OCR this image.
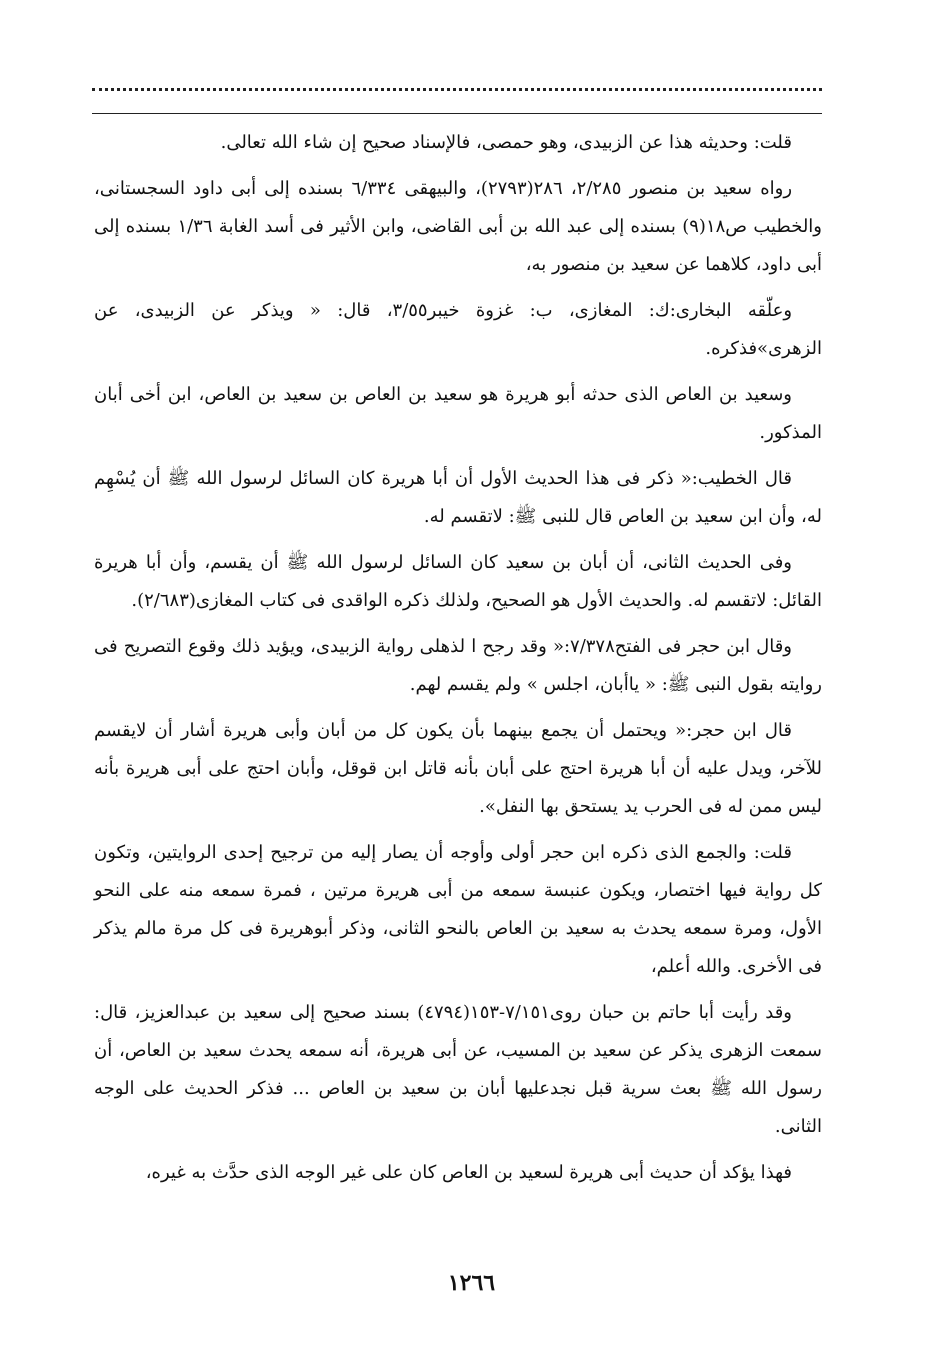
قلت: وحديثه هذا عن الزبيدى، وهو حمصى، فالإسناد صحيح إن شاء الله تعالى.

رواه سعيد بن منصور ٢/٢٨٥، ٢٨٦(٢٧٩٣)، والبيهقى ٦/٣٣٤ بسنده إلى أبى داود السجستانى، والخطيب ص١٨(٩) بسنده إلى عبد الله بن أبى القاضى، وابن الأثير فى أسد الغابة ١/٣٦ بسنده إلى أبى داود، كلاهما عن سعيد بن منصور به،

وعلّقه البخارى:ك: المغازى، ب: غزوة خيبر٣/٥٥، قال: « ويذكر عن الزبيدى، عن الزهرى»فذكره.

وسعيد بن العاص الذى حدثه أبو هريرة هو سعيد بن العاص بن سعيد بن العاص، ابن أخى أبان المذكور.

قال الخطيب:« ذكر فى هذا الحديث الأول أن أبا هريرة كان السائل لرسول الله ﷺ أن يُسْهِم له، وأن ابن سعيد بن العاص قال للنبى ﷺ: لاتقسم له.

وفى الحديث الثانى، أن أبان بن سعيد كان السائل لرسول الله ﷺ أن يقسم، وأن أبا هريرة القائل: لاتقسم له. والحديث الأول هو الصحيح، ولذلك ذكره الواقدى فى كتاب المغازى(٢/٦٨٣).

وقال ابن حجر فى الفتح٧/٣٧٨:« وقد رجح ا لذهلى رواية الزبيدى، ويؤيد ذلك وقوع التصريح فى روايته بقول النبى ﷺ: « ياأبان، اجلس » ولم يقسم لهم.

قال ابن حجر:« ويحتمل أن يجمع بينهما بأن يكون كل من أبان وأبى هريرة أشار أن لايقسم للآخر، ويدل عليه أن أبا هريرة احتج على أبان بأنه قاتل ابن قوقل، وأبان احتج على أبى هريرة بأنه ليس ممن له فى الحرب يد يستحق بها النفل».

قلت: والجمع الذى ذكره ابن حجر أولى وأوجه أن يصار إليه من ترجيح إحدى الروايتين، وتكون كل رواية فيها اختصار، ويكون عنبسة سمعه من أبى هريرة مرتين ، فمرة سمعه منه على النحو الأول، ومرة سمعه يحدث به سعيد بن العاص بالنحو الثانى، وذكر أبوهريرة فى كل مرة مالم يذكر فى الأخرى. والله أعلم،

وقد رأيت أبا حاتم بن حبان روى٧/١٥١-١٥٣(٤٧٩٤) بسند صحيح إلى سعيد بن عبدالعزيز، قال: سمعت الزهرى يذكر عن سعيد بن المسيب، عن أبى هريرة، أنه سمعه يحدث سعيد بن العاص، أن رسول الله ﷺ بعث سرية قبل نجدعليها أبان بن سعيد بن العاص ... فذكر الحديث على الوجه الثانى.

فهذا يؤكد أن حديث أبى هريرة لسعيد بن العاص كان على غير الوجه الذى حدَّث به غيره،

١٢٦٦
